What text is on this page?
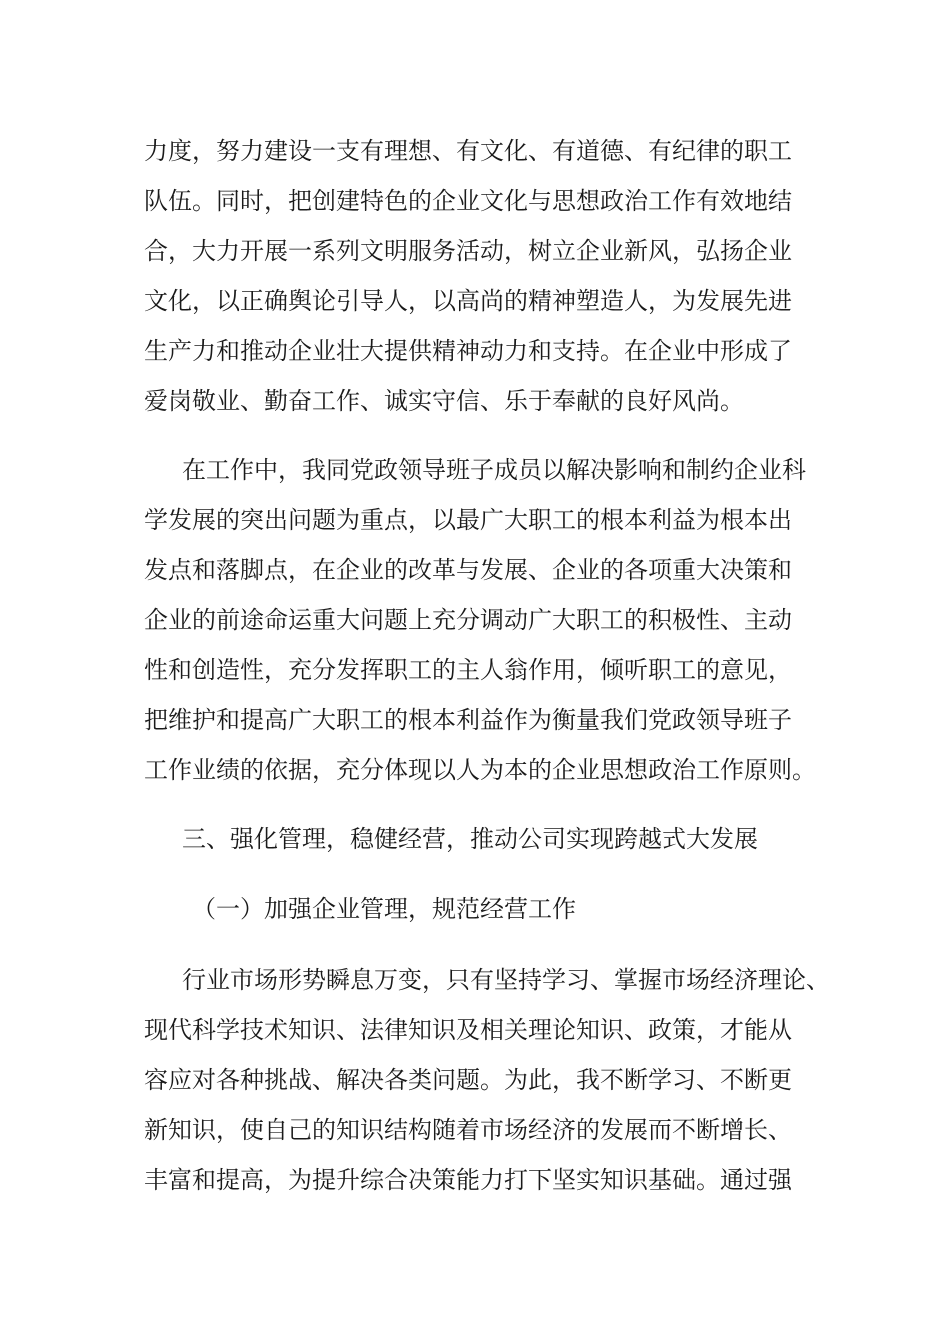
力度，努力建设一支有理想、有文化、有道德、有纪律的职工
队伍。同时，把创建特色的企业文化与思想政治工作有效地结
合，大力开展一系列文明服务活动，树立企业新风，弘扬企业
文化，以正确舆论引导人，以高尚的精神塑造人，为发展先进
生产力和推动企业壮大提供精神动力和支持。在企业中形成了
爱岗敬业、勤奋工作、诚实守信、乐于奉献的良好风尚。
在工作中，我同党政领导班子成员以解决影响和制约企业科
学发展的突出问题为重点，以最广大职工的根本利益为根本出
发点和落脚点，在企业的改革与发展、企业的各项重大决策和
企业的前途命运重大问题上充分调动广大职工的积极性、主动
性和创造性，充分发挥职工的主人翁作用，倾听职工的意见，
把维护和提高广大职工的根本利益作为衡量我们党政领导班子
工作业绩的依据，充分体现以人为本的企业思想政治工作原则。
三、强化管理，稳健经营，推动公司实现跨越式大发展
（一）加强企业管理，规范经营工作
行业市场形势瞬息万变，只有坚持学习、掌握市场经济理论、
现代科学技术知识、法律知识及相关理论知识、政策，才能从
容应对各种挑战、解决各类问题。为此，我不断学习、不断更
新知识，使自己的知识结构随着市场经济的发展而不断增长、
丰富和提高，为提升综合决策能力打下坚实知识基础。通过强
